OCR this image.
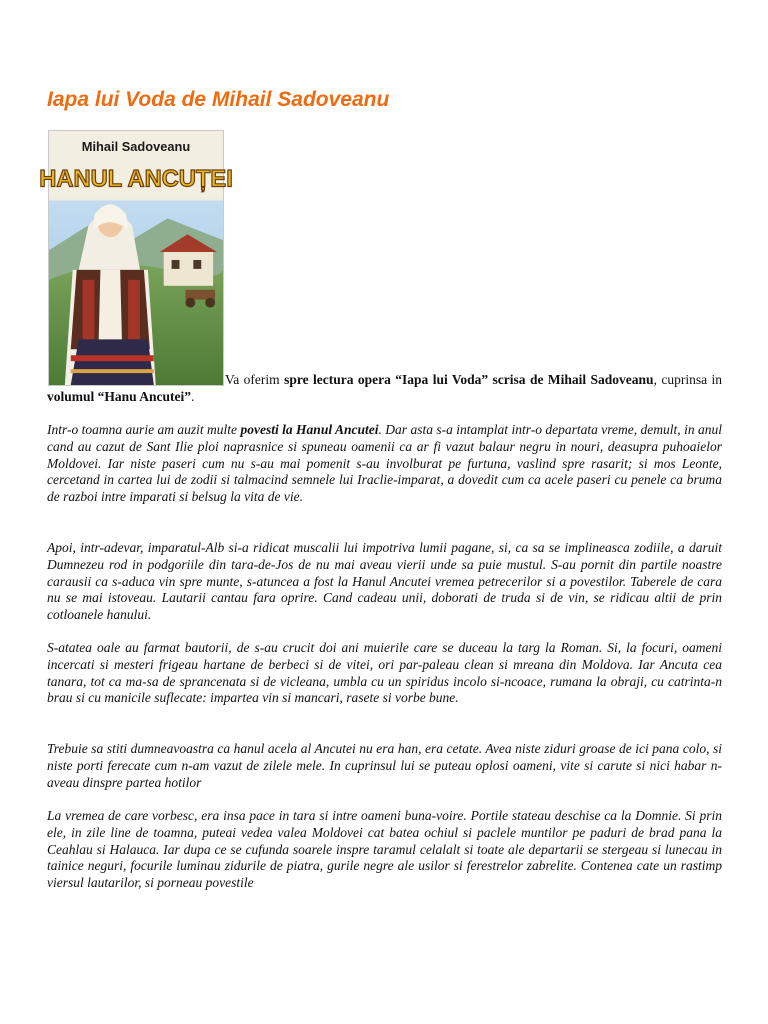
Iapa lui Voda de Mihail Sadoveanu
Mihail Sadoveanu
HANUL ANCUȚEI

Va oferim spre lectura opera “Iapa lui Voda” scrisa de Mihail Sadoveanu, cuprinsa in volumul “Hanu Ancutei”.

Intr-o toamna aurie am auzit multe povesti la Hanul Ancutei. Dar asta s-a intamplat intr-o departata vreme, demult, in anul cand au cazut de Sant Ilie ploi naprasnice si spuneau oamenii ca ar fi vazut balaur negru in nouri, deasupra puhoaielor Moldovei. Iar niste paseri cum nu s-au mai pomenit s-au involburat pe furtuna, vaslind spre rasarit; si mos Leonte, cercetand in cartea lui de zodii si talmacind semnele lui Iraclie-imparat, a dovedit cum ca acele paseri cu penele ca bruma de razboi intre imparati si belsug la vita de vie.

Apoi, intr-adevar, imparatul-Alb si-a ridicat muscalii lui impotriva lumii pagane, si, ca sa se implineasca zodiile, a daruit Dumnezeu rod in podgoriile din tara-de-Jos de nu mai aveau vierii unde sa puie mustul. S-au pornit din partile noastre carausii ca s-aduca vin spre munte, s-atuncea a fost la Hanul Ancutei vremea petrecerilor si a povestilor. Taberele de cara nu se mai istoveau. Lautarii cantau fara oprire. Cand cadeau unii, doborati de truda si de vin, se ridicau altii de prin cotloanele hanului.

S-atatea oale au farmat bautorii, de s-au crucit doi ani muierile care se duceau la targ la Roman. Si, la focuri, oameni incercati si mesteri frigeau hartane de berbeci si de vitei, ori par-paleau clean si mreana din Moldova. Iar Ancuta cea tanara, tot ca ma-sa de sprancenata si de vicleana, umbla cu un spiridus incolo si-ncoace, rumana la obraji, cu catrinta-n brau si cu manicile suflecate: impartea vin si mancari, rasete si vorbe bune.

Trebuie sa stiti dumneavoastra ca hanul acela al Ancutei nu era han, era cetate. Avea niste ziduri groase de ici pana colo, si niste porti ferecate cum n-am vazut de zilele mele. In cuprinsul lui se puteau oplosi oameni, vite si carute si nici habar n-aveau dinspre partea hotilor

La vremea de care vorbesc, era insa pace in tara si intre oameni buna-voire. Portile stateau deschise ca la Domnie. Si prin ele, in zile line de toamna, puteai vedea valea Moldovei cat batea ochiul si paclele muntilor pe paduri de brad pana la Ceahlau si Halauca. Iar dupa ce se cufunda soarele inspre taramul celalalt si toate ale departarii se stergeau si lunecau in tainice neguri, focurile luminau zidurile de piatra, gurile negre ale usilor si ferestrelor zabrelite. Contenea cate un rastimp viersul lautarilor, si porneau povestile
